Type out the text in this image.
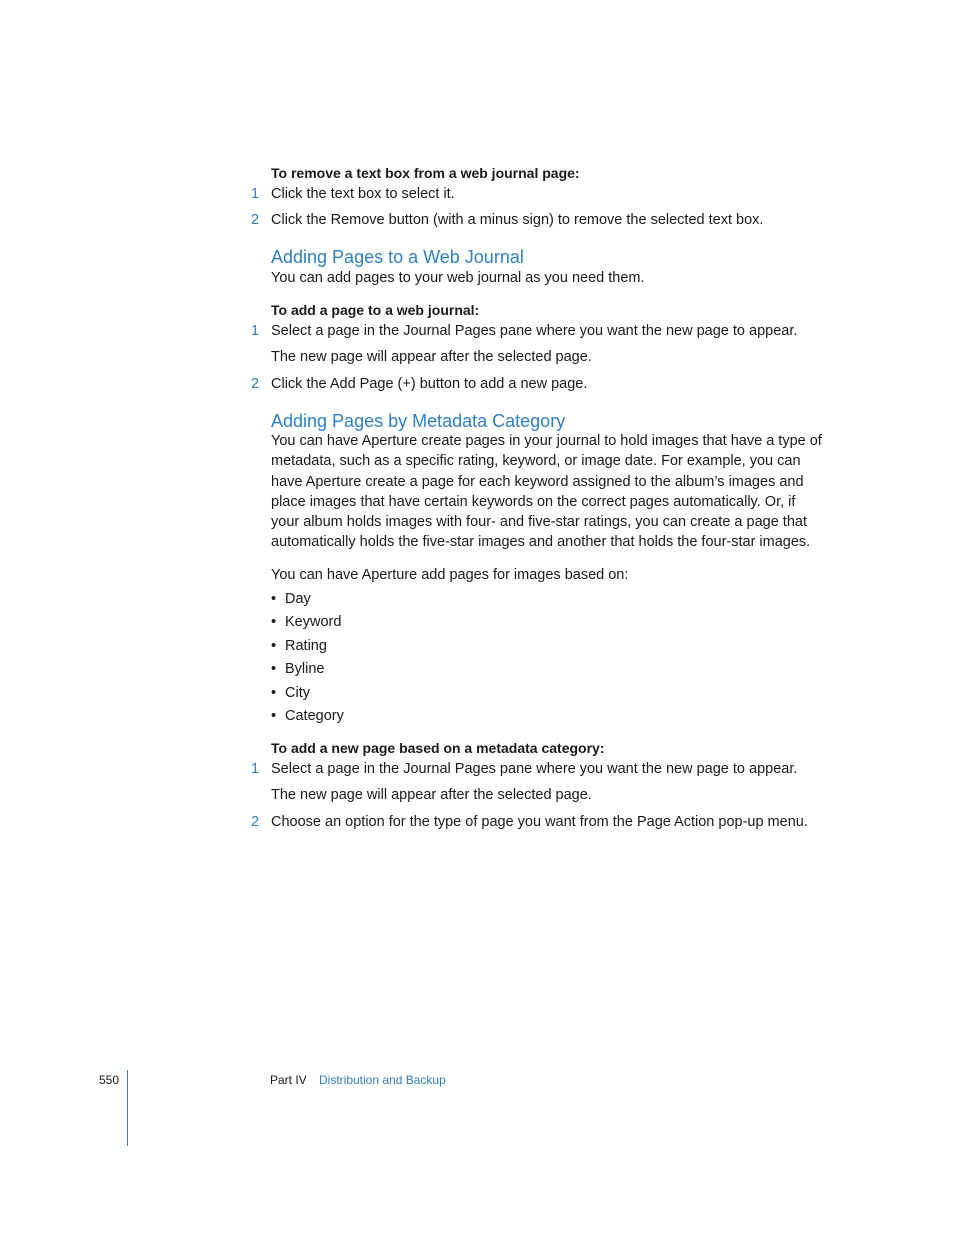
To remove a text box from a web journal page:
1 Click the text box to select it.
2 Click the Remove button (with a minus sign) to remove the selected text box.
Adding Pages to a Web Journal

You can add pages to your web journal as you need them.

To add a page to a web journal:
1 Select a page in the Journal Pages pane where you want the new page to appear.
The new page will appear after the selected page.
2 Click the Add Page (+) button to add a new page.
Adding Pages by Metadata Category

You can have Aperture create pages in your journal to hold images that have a type of metadata, such as a specific rating, keyword, or image date. For example, you can have Aperture create a page for each keyword assigned to the album’s images and place images that have certain keywords on the correct pages automatically. Or, if your album holds images with four- and five-star ratings, you can create a page that automatically holds the five-star images and another that holds the four-star images.

You can have Aperture add pages for images based on:

• Day
• Keyword
• Rating
• Byline
• City
• Category
To add a new page based on a metadata category:
1 Select a page in the Journal Pages pane where you want the new page to appear.
The new page will appear after the selected page.
2 Choose an option for the type of page you want from the Page Action pop-up menu.
550	Part IV Distribution and Backup
